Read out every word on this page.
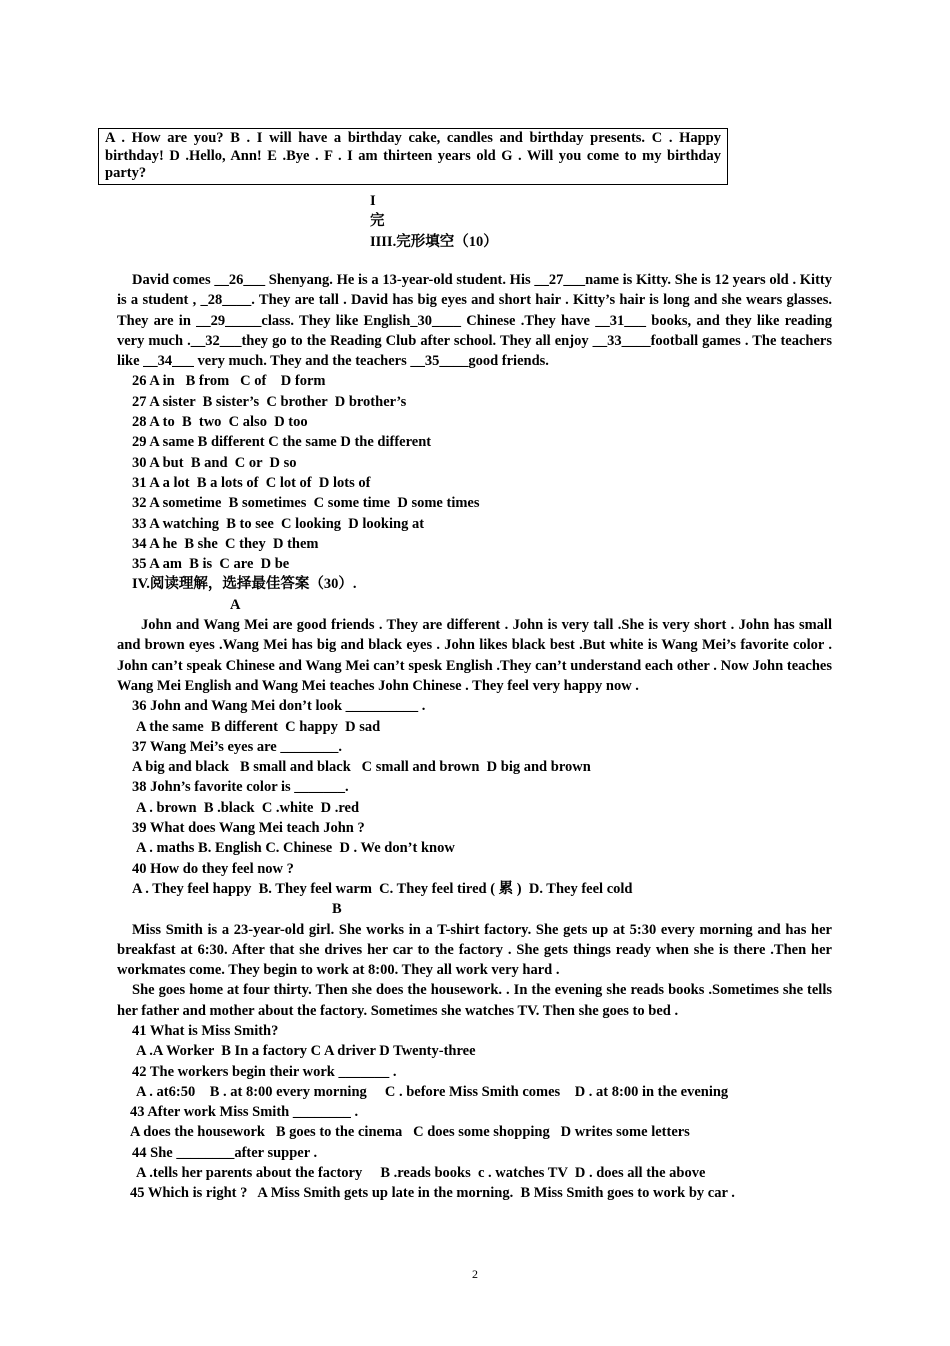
A . How are you? B . I will have a birthday cake, candles and birthday presents. C . Happy birthday! D .Hello, Ann! E .Bye . F . I am thirteen years old G . Will you come to my birthday party?
I
完
IIII.完形填空（10）

David comes __26___ Shenyang. He is a 13-year-old student. His __27___name is Kitty. She is 12 years old . Kitty is a student , _28____. They are tall . David has big eyes and short hair . Kitty’s hair is long and she wears glasses. They are in __29_____class. They like English_30____ Chinese .They have __31___ books, and they like reading very much .__32___they go to the Reading Club after school. They all enjoy __33____football games . The teachers like __34___ very much. They and the teachers __35____good friends.

26 A in   B from   C of    D form

27 A sister  B sister’s  C brother  D brother’s

28 A to  B  two  C also  D too

29 A same B different C the same D the different

30 A but  B and  C or  D so

31 A a lot  B a lots of  C lot of  D lots of

32 A sometime  B sometimes  C some time  D some times

33 A watching  B to see  C looking  D looking at

34 A he  B she  C they  D them

35 A am  B is  C are  D be

IV.阅读理解，选择最佳答案（30）.

A

John and Wang Mei are good friends . They are different . John is very tall .She is very short . John has small and brown eyes .Wang Mei has big and black eyes . John likes black best .But white is Wang Mei’s favorite color . John can’t speak Chinese and Wang Mei can’t spesk English .They can’t understand each other . Now John teaches Wang Mei English and Wang Mei teaches John Chinese . They feel very happy now .

36 John and Wang Mei don’t look __________ .

A the same  B different  C happy  D sad

37 Wang Mei’s eyes are ________.

A big and black   B small and black   C small and brown  D big and brown

38 John’s favorite color is _______.

A . brown  B .black  C .white  D .red

39 What does Wang Mei teach John ?

A . maths B. English C. Chinese  D . We don’t know

40 How do they feel now ?

A . They feel happy  B. They feel warm  C. They feel tired ( 累 )  D. They feel cold

B

Miss Smith is a 23-year-old girl. She works in a T-shirt factory. She gets up at 5:30 every morning and has her breakfast at 6:30. After that she drives her car to the factory . She gets things ready when she is there .Then her workmates come. They begin to work at 8:00. They all work very hard .

She goes home at four thirty. Then she does the housework. . In the evening she reads books .Sometimes she tells her father and mother about the factory. Sometimes she watches TV. Then she goes to bed .

41 What is Miss Smith?

A .A Worker  B In a factory C A driver D Twenty-three

42 The workers begin their work _______ .

A . at6:50    B . at 8:00 every morning     C . before Miss Smith comes    D . at 8:00 in the evening

43 After work Miss Smith ________ .

A does the housework   B goes to the cinema   C does some shopping   D writes some letters

44 She ________after supper .

A .tells her parents about the factory     B .reads books  c . watches TV  D . does all the above

45 Which is right ?   A Miss Smith gets up late in the morning.  B Miss Smith goes to work by car .

2
